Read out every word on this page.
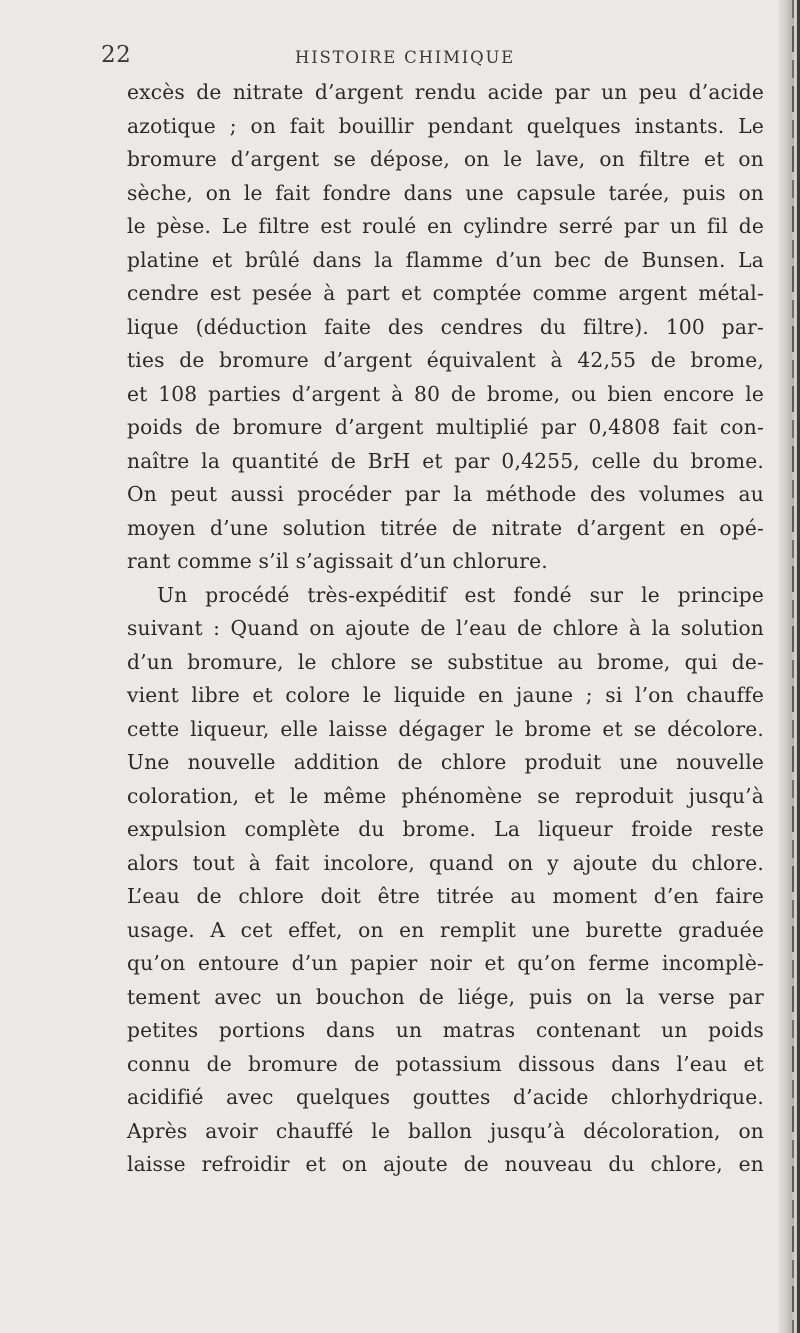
22	HISTOIRE CHIMIQUE
excès de nitrate d’argent rendu acide par un peu d’acide
azotique ; on fait bouillir pendant quelques instants. Le
bromure d’argent se dépose, on le lave, on filtre et on
sèche, on le fait fondre dans une capsule tarée, puis on
le pèse. Le filtre est roulé en cylindre serré par un fil de
platine et brûlé dans la flamme d’un bec de Bunsen. La
cendre est pesée à part et comptée comme argent métal-
lique (déduction faite des cendres du filtre). 100 par-
ties de bromure d’argent équivalent à 42,55 de brome,
et 108 parties d’argent à 80 de brome, ou bien encore le
poids de bromure d’argent multiplié par 0,4808 fait con-
naître la quantité de BrH et par 0,4255, celle du brome.
On peut aussi procéder par la méthode des volumes au
moyen d’une solution titrée de nitrate d’argent en opé-
rant comme s’il s’agissait d’un chlorure.
Un procédé très-expéditif est fondé sur le principe
suivant : Quand on ajoute de l’eau de chlore à la solution
d’un bromure, le chlore se substitue au brome, qui de-
vient libre et colore le liquide en jaune ; si l’on chauffe
cette liqueur, elle laisse dégager le brome et se décolore.
Une nouvelle addition de chlore produit une nouvelle
coloration, et le même phénomène se reproduit jusqu’à
expulsion complète du brome. La liqueur froide reste
alors tout à fait incolore, quand on y ajoute du chlore.
L’eau de chlore doit être titrée au moment d’en faire
usage. A cet effet, on en remplit une burette graduée
qu’on entoure d’un papier noir et qu’on ferme incomplè-
tement avec un bouchon de liége, puis on la verse par
petites portions dans un matras contenant un poids
connu de bromure de potassium dissous dans l’eau et
acidifié avec quelques gouttes d’acide chlorhydrique.
Après avoir chauffé le ballon jusqu’à décoloration, on
laisse refroidir et on ajoute de nouveau du chlore, en
